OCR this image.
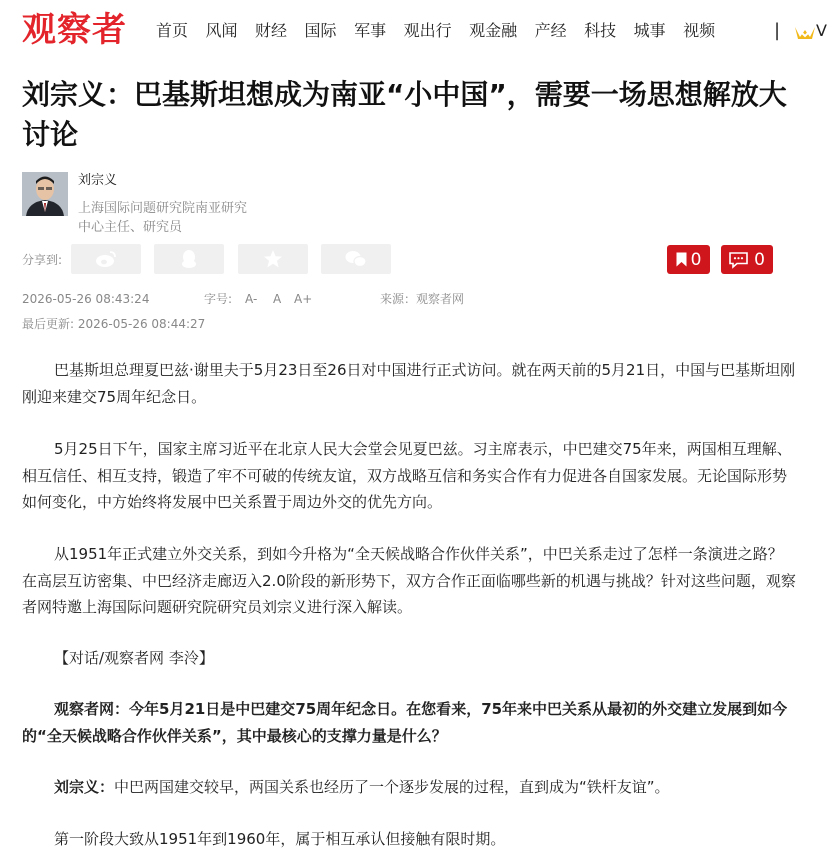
观察者 首页 风闻 财经 国际 军事 观出行 观金融 产经 科技 城事 视频	| V
刘宗义：巴基斯坦想成为南亚“小中国”，需要一场思想解放大讨论
刘宗义
上海国际问题研究院南亚研究中心主任、研究员
分享到:	0	0
2026-05-26 08:43:24	字号: A- A A+	来源：观察者网
最后更新: 2026-05-26 08:44:27

巴基斯坦总理夏巴兹·谢里夫于5月23日至26日对中国进行正式访问。就在两天前的5月21日，中国与巴基斯坦刚刚迎来建交75周年纪念日。

5月25日下午，国家主席习近平在北京人民大会堂会见夏巴兹。习主席表示，中巴建交75年来，两国相互理解、相互信任、相互支持，锻造了牢不可破的传统友谊，双方战略互信和务实合作有力促进各自国家发展。无论国际形势如何变化，中方始终将发展中巴关系置于周边外交的优先方向。

从1951年正式建立外交关系，到如今升格为“全天候战略合作伙伴关系”，中巴关系走过了怎样一条演进之路？在高层互访密集、中巴经济走廊迈入2.0阶段的新形势下，双方合作正面临哪些新的机遇与挑战？针对这些问题，观察者网特邀上海国际问题研究院研究员刘宗义进行深入解读。

【对话/观察者网 李泠】

观察者网：今年5月21日是中巴建交75周年纪念日。在您看来，75年来中巴关系从最初的外交建立发展到如今的“全天候战略合作伙伴关系”，其中最核心的支撑力量是什么？

刘宗义：中巴两国建交较早，两国关系也经历了一个逐步发展的过程，直到成为“铁杆友谊”。

第一阶段大致从1951年到1960年，属于相互承认但接触有限时期。
